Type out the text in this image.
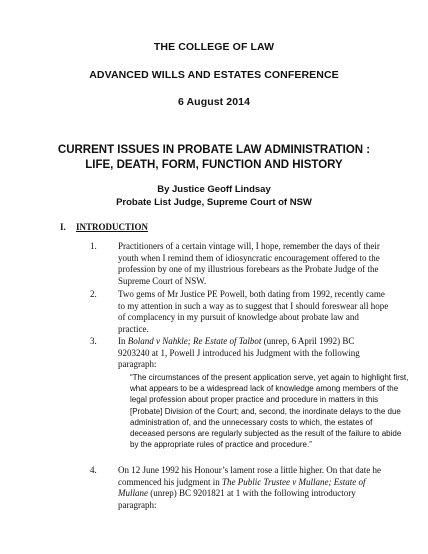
THE COLLEGE OF LAW
ADVANCED WILLS AND ESTATES CONFERENCE
6 August 2014
CURRENT ISSUES IN PROBATE LAW ADMINISTRATION :
LIFE, DEATH, FORM, FUNCTION AND HISTORY
By Justice Geoff Lindsay
Probate List Judge, Supreme Court of NSW
I. INTRODUCTION
1. Practitioners of a certain vintage will, I hope, remember the days of their
youth when I remind them of idiosyncratic encouragement offered to the
profession by one of my illustrious forebears as the Probate Judge of the
Supreme Court of NSW.
2. Two gems of Mr Justice PE Powell, both dating from 1992, recently came
to my attention in such a way as to suggest that I should foreswear all hope
of complacency in my pursuit of knowledge about probate law and
practice.
3. In Boland v Nahkle; Re Estate of Talbot (unrep, 6 April 1992) BC
9203240 at 1, Powell J introduced his Judgment with the following
paragraph:
“The circumstances of the present application serve, yet again to highlight first,
what appears to be a widespread lack of knowledge among members of the
legal profession about proper practice and procedure in matters in this
[Probate] Division of the Court; and, second, the inordinate delays to the due
administration of, and the unnecessary costs to which, the estates of
deceased persons are regularly subjected as the result of the failure to abide
by the appropriate rules of practice and procedure.”
4. On 12 June 1992 his Honour’s lament rose a little higher. On that date he
commenced his judgment in The Public Trustee v Mullane; Estate of
Mullane (unrep) BC 9201821 at 1 with the following introductory
paragraph:
